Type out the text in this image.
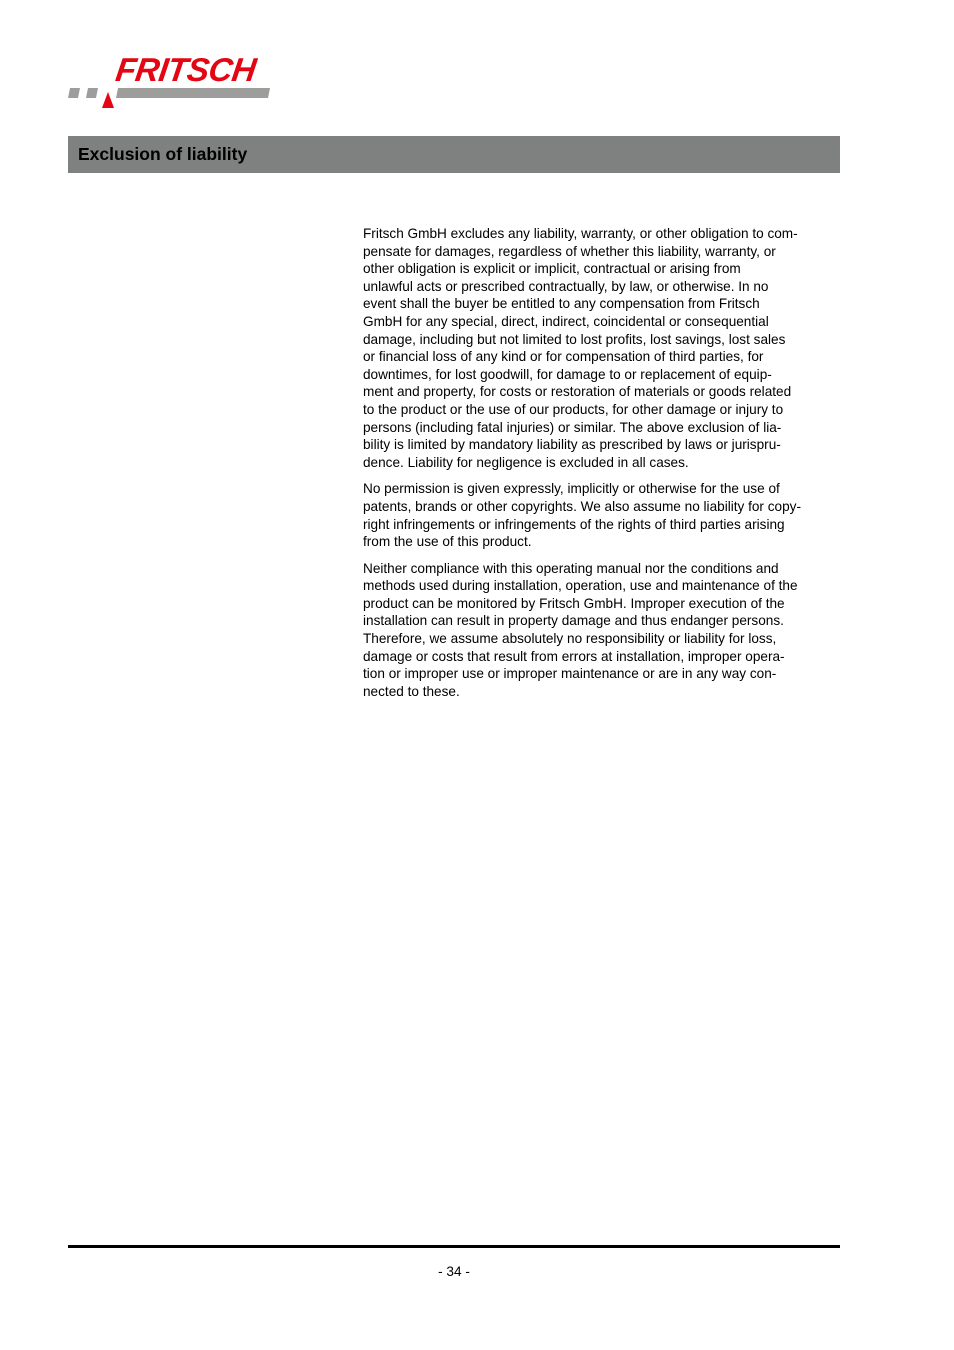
FRITSCH
Exclusion of liability

Fritsch GmbH excludes any liability, warranty, or other obligation to com-
pensate for damages, regardless of whether this liability, warranty, or
other obligation is explicit or implicit, contractual or arising from
unlawful acts or prescribed contractually, by law, or otherwise. In no
event shall the buyer be entitled to any compensation from Fritsch
GmbH for any special, direct, indirect, coincidental or consequential
damage, including but not limited to lost profits, lost savings, lost sales
or financial loss of any kind or for compensation of third parties, for
downtimes, for lost goodwill, for damage to or replacement of equip-
ment and property, for costs or restoration of materials or goods related
to the product or the use of our products, for other damage or injury to
persons (including fatal injuries) or similar. The above exclusion of lia-
bility is limited by mandatory liability as prescribed by laws or jurispru-
dence. Liability for negligence is excluded in all cases.

No permission is given expressly, implicitly or otherwise for the use of
patents, brands or other copyrights. We also assume no liability for copy-
right infringements or infringements of the rights of third parties arising
from the use of this product.

Neither compliance with this operating manual nor the conditions and
methods used during installation, operation, use and maintenance of the
product can be monitored by Fritsch GmbH. Improper execution of the
installation can result in property damage and thus endanger persons.
Therefore, we assume absolutely no responsibility or liability for loss,
damage or costs that result from errors at installation, improper opera-
tion or improper use or improper maintenance or are in any way con-
nected to these.

- 34 -
